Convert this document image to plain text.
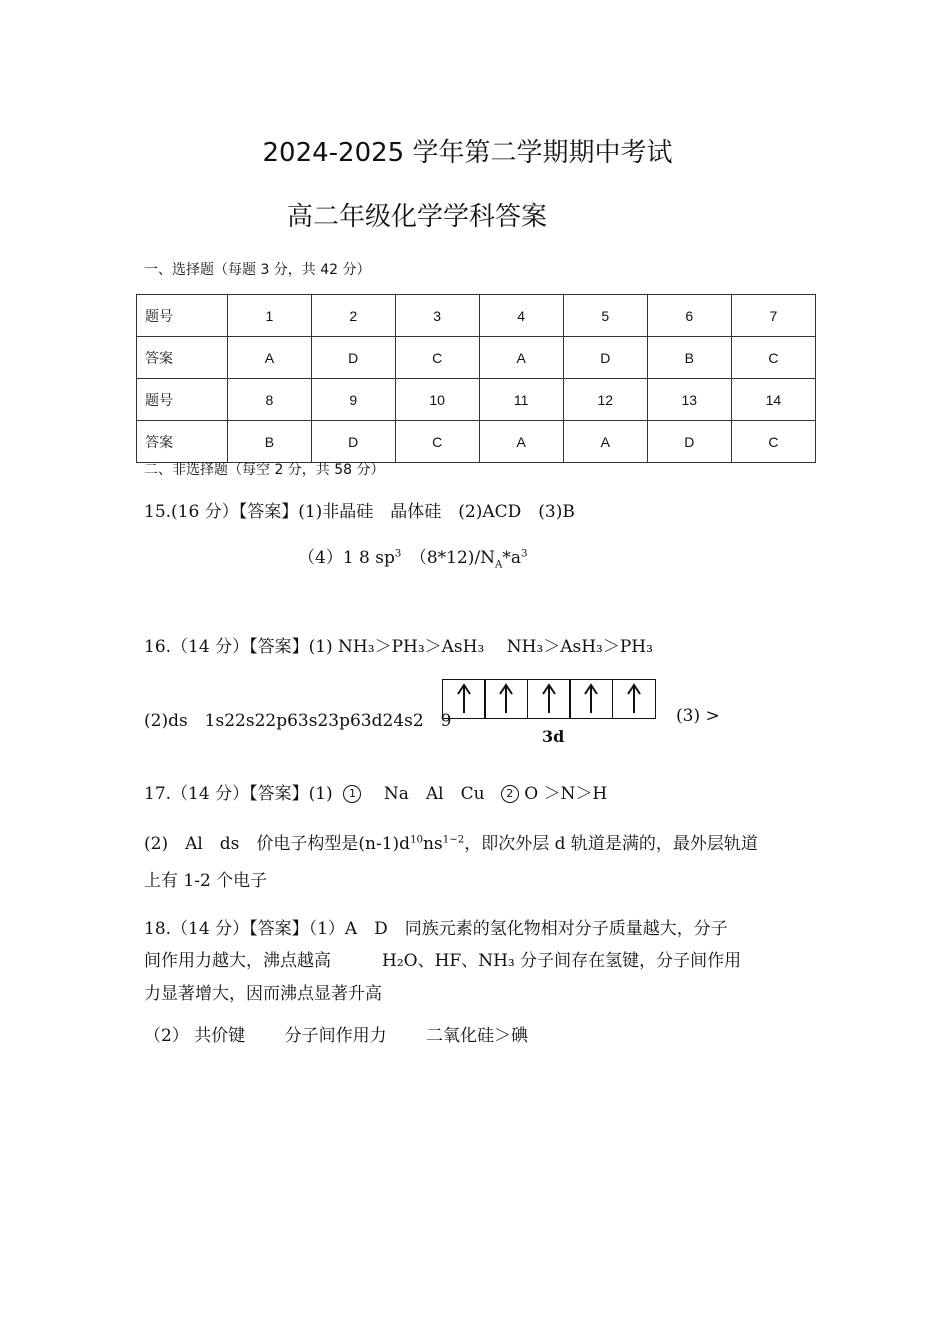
2024-2025 学年第二学期期中考试
高二年级化学学科答案
一、选择题（每题 3 分，共 42 分）
题号	1	2	3	4	5	6	7
答案	A	D	C	A	D	B	C
题号	8	9	10	11	12	13	14
答案	B	D	C	A	A	D	C
二、非选择题（每空 2 分，共 58 分）
15.(16 分）【答案】(1)非晶硅　晶体硅　(2)ACD　(3)B
（4）1 8 $sp^3$　$(8*12)/N_A*a^3$
16.（14 分）【答案】(1) NH₃＞PH₃＞AsH₃　 NH₃＞AsH₃＞PH₃
(2)ds　1s22s22p63s23p63d24s2　9
3d
(3) >
17.（14 分）【答案】(1) 1 　Na　Al　Cu 2 O ＞N＞H
(2)　Al　ds　价电子构型是$(n-1)d^{10}ns^{1\sim 2}$，即次外层 d 轨道是满的，最外层轨道
上有 1-2 个电子
18.（14 分）【答案】（1）A　D　同族元素的氢化物相对分子质量越大，分子
间作用力越大，沸点越高　　　H₂O、HF、NH₃ 分子间存在氢键，分子间作用
力显著增大，因而沸点显著升高
（2） 共价键　　 分子间作用力　　 二氧化硅＞碘
